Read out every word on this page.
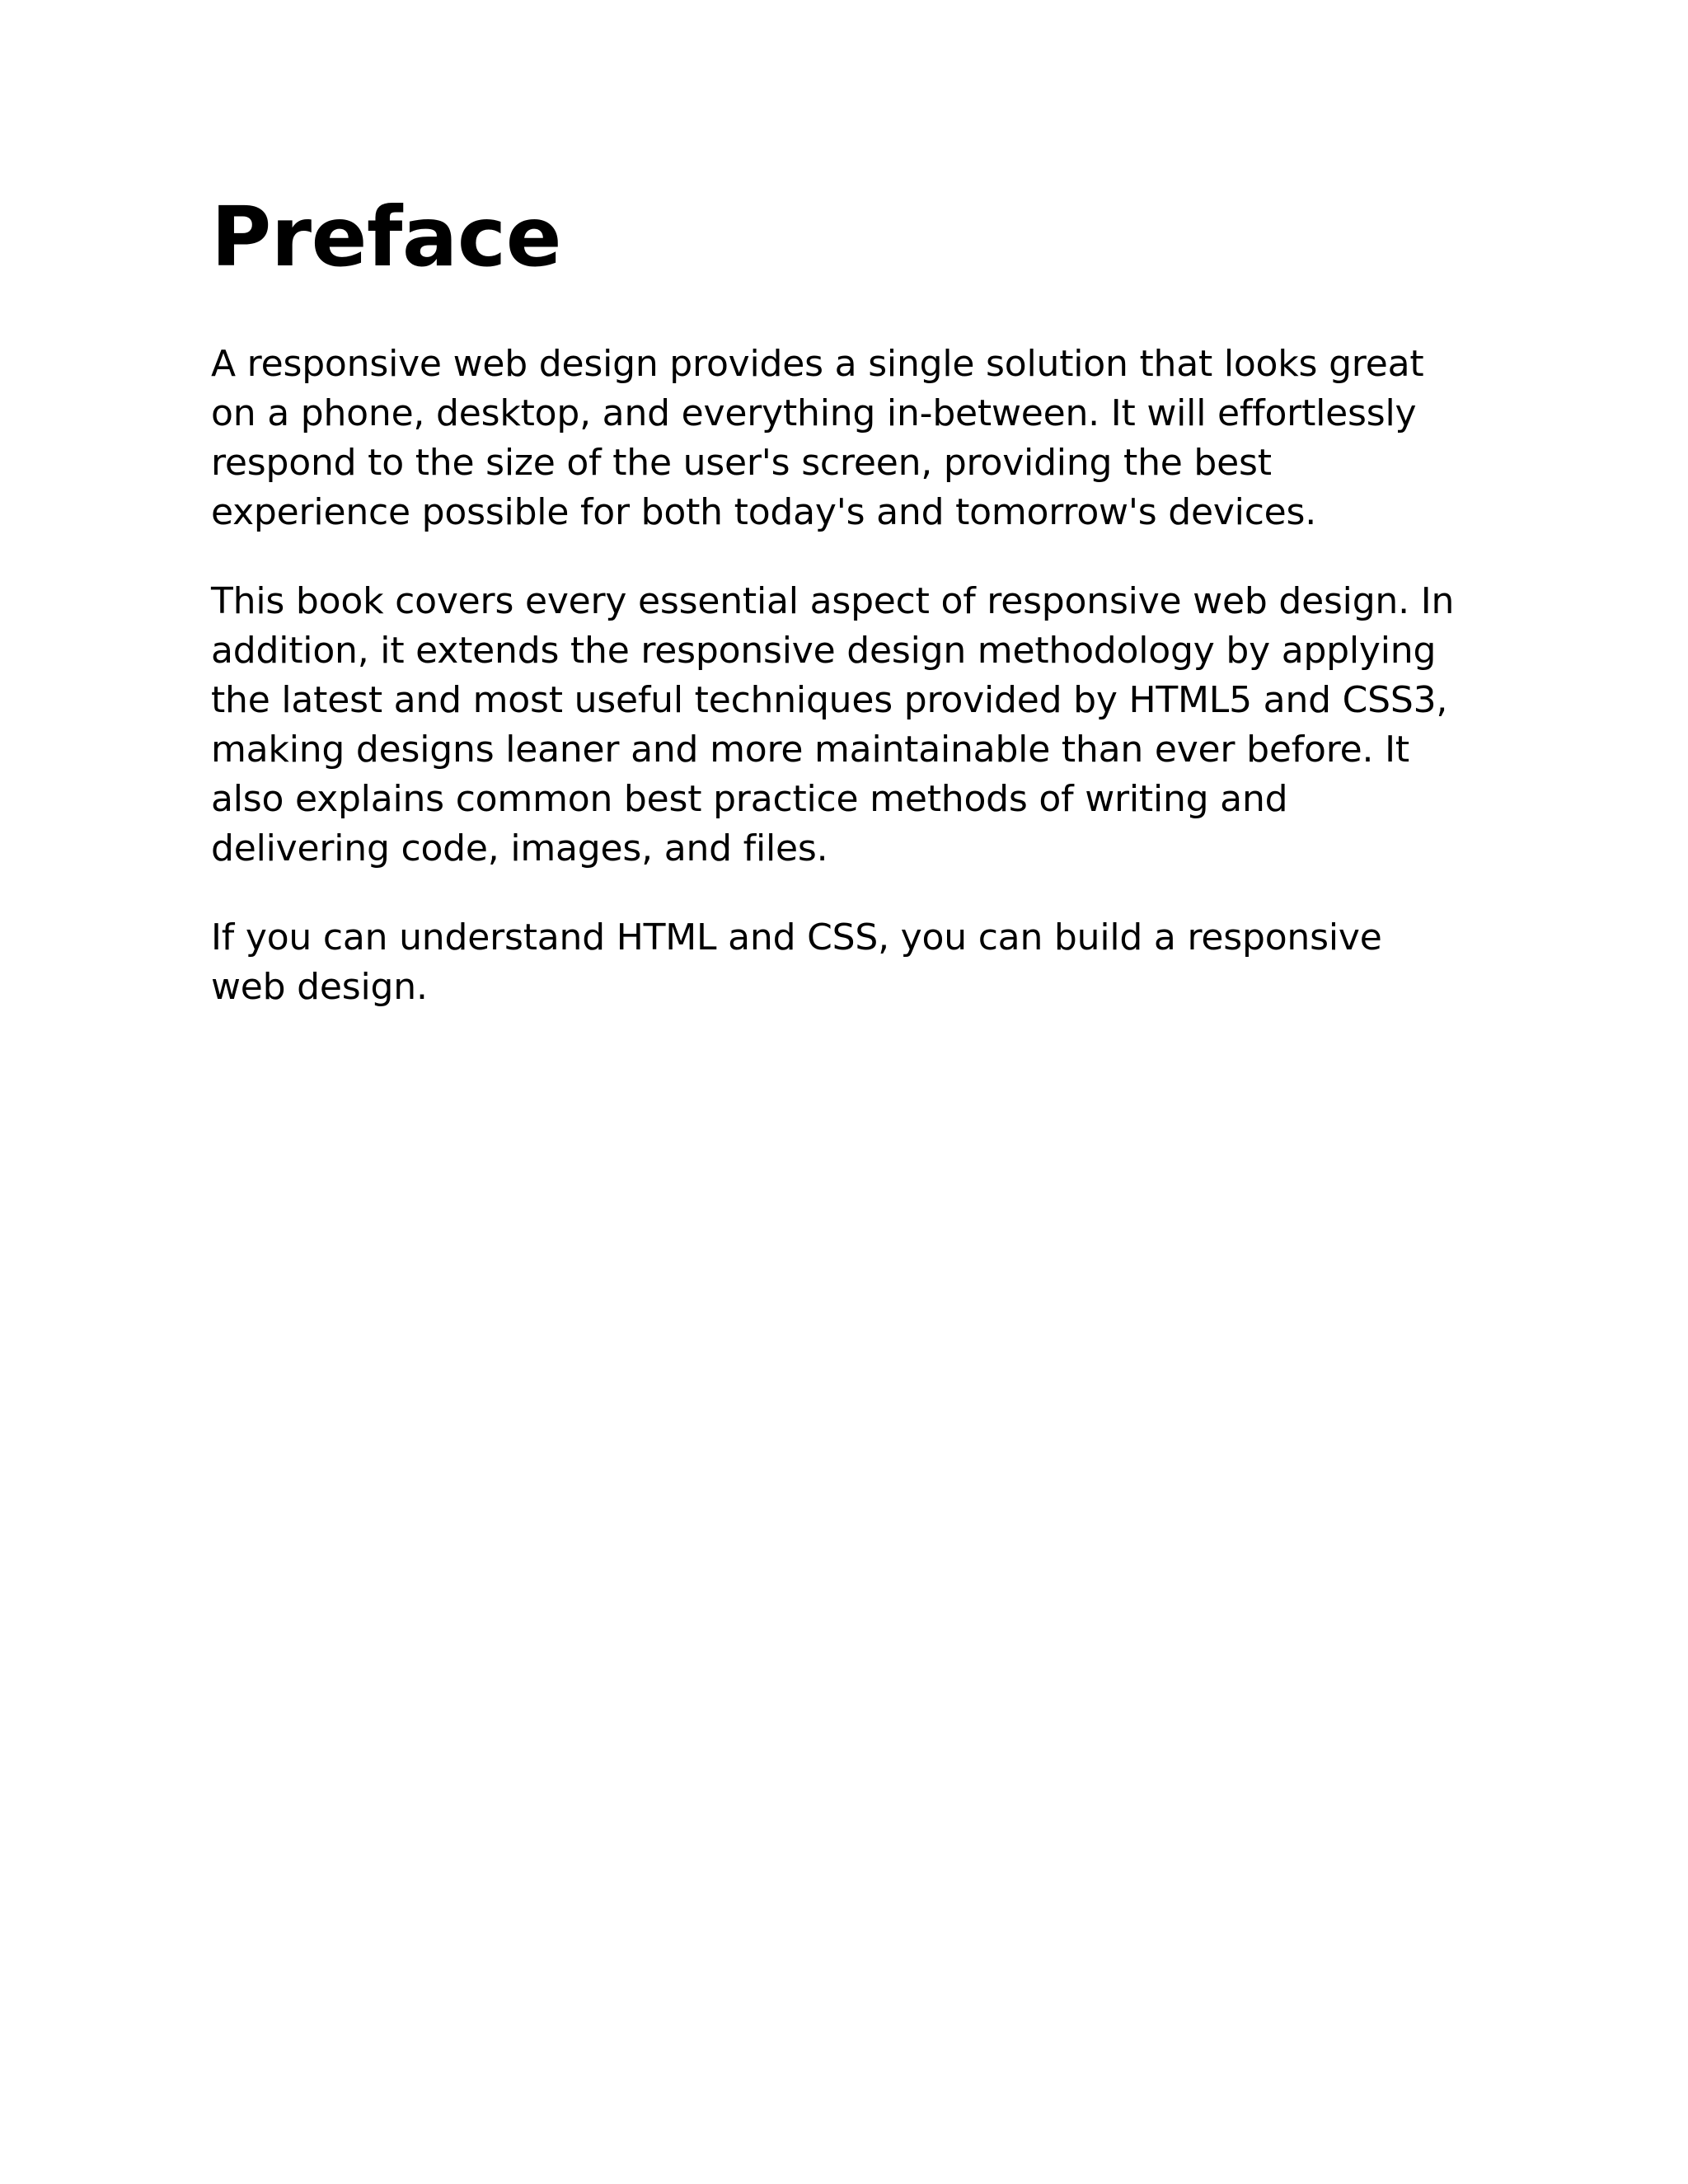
Preface

A responsive web design provides a single solution that looks great
on a phone, desktop, and everything in-between. It will effortlessly
respond to the size of the user's screen, providing the best
experience possible for both today's and tomorrow's devices.

This book covers every essential aspect of responsive web design. In
addition, it extends the responsive design methodology by applying
the latest and most useful techniques provided by HTML5 and CSS3,
making designs leaner and more maintainable than ever before. It
also explains common best practice methods of writing and
delivering code, images, and files.

If you can understand HTML and CSS, you can build a responsive
web design.
